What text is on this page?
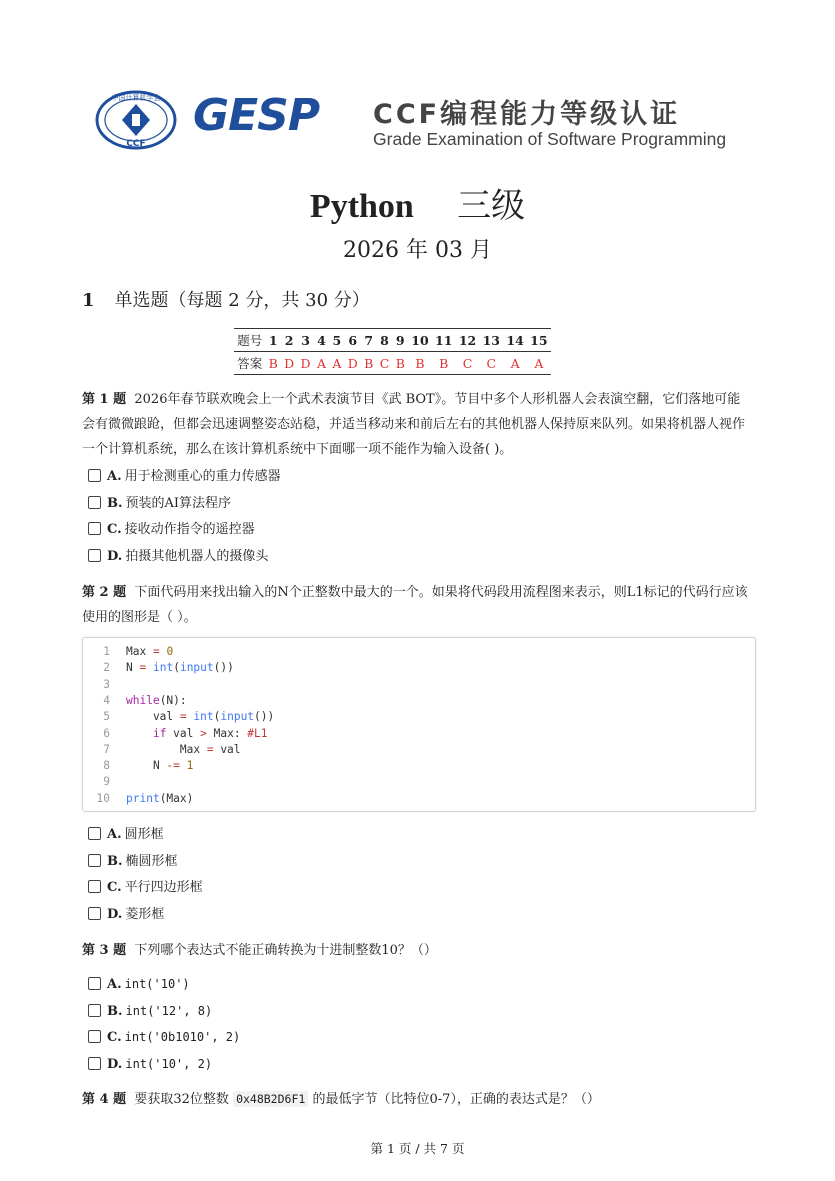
中国计算机学会
CCF
GESP CCF编程能力等级认证
Grade Examination of Software Programming
Python 三级
2026 年 03 月
1 单选题（每题 2 分，共 30 分）
题号	1	2	3	4	5	6	7	8	9	10	11	12	13	14	15
答案	B	D	D	A	A	D	B	C	B	B	B	C	C	A	A
第 1 题 2026年春节联欢晚会上一个武术表演节目《武 BOT》。节目中多个人形机器人会表演空翻，它们落地可能会有微微踉跄，但都会迅速调整姿态站稳，并适当移动来和前后左右的其他机器人保持原来队列。如果将机器人视作一个计算机系统，那么在该计算机系统中下面哪一项不能作为输入设备( )。
A. 用于检测重心的重力传感器
B. 预装的AI算法程序
C. 接收动作指令的遥控器
D. 拍摄其他机器人的摄像头
第 2 题 下面代码用来找出输入的N个正整数中最大的一个。如果将代码段用流程图来表示，则L1标记的代码行应该使用的图形是（ ）。
1 Max = 0
2 N = int(input())
3
4 while(N):
5 val = int(input())
6	if val > Max: #L1
7 Max = val
8 N -= 1
9
10 print(Max)
A. 圆形框
B. 椭圆形框
C. 平行四边形框
D. 菱形框
第 3 题 下列哪个表达式不能正确转换为十进制整数10？（）
A. int('10')
B. int('12', 8)
C. int('0b1010', 2)
D. int('10', 2)
第 4 题 要获取32位整数 0x48B2D6F1 的最低字节（比特位0-7），正确的表达式是？（）
第 1 页 / 共 7 页
